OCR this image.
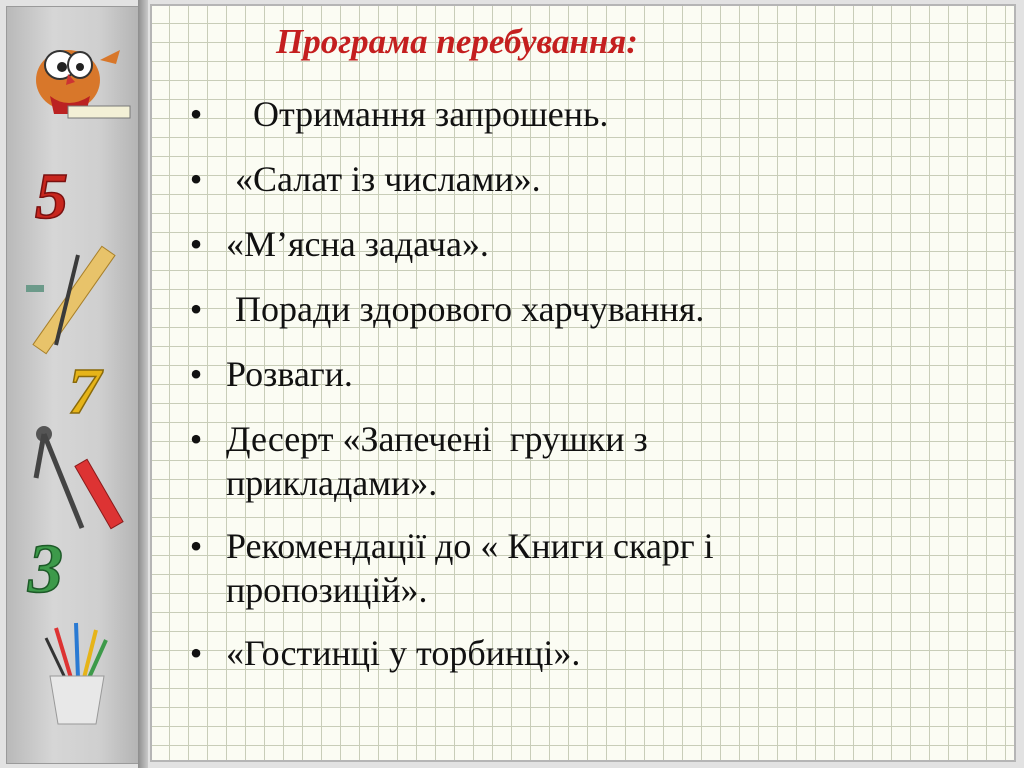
5
7
3
Програма перебування:
• Отримання запрошень.
• «Салат із числами».
• «М’ясна задача».
• Поради здорового харчування.
• Розваги.
• Десерт «Запечені  грушки з прикладами».
• Рекомендації до « Книги скарг і пропозицій».
• «Гостинці у торбинці».
